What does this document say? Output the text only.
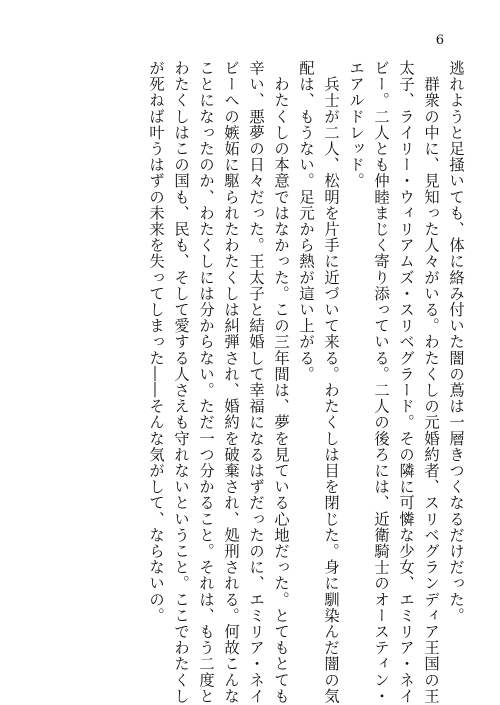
6
逃れようと足掻いても、体に絡み付いた闇の蔦は一層きつくなるだけだった。
　群衆の中に、見知った人々がいる。わたくしの元婚約者、スリベグランディア王国の王
太子、ライリー・ウィリアムズ・スリベグラード。その隣に可憐な少女、エミリア・ネイ
ビー。二人とも仲睦まじく寄り添っている。二人の後ろには、近衛騎士のオースティン・
エアルドレッド。
　兵士が二人、松明を片手に近づいて来る。わたくしは目を閉じた。身に馴染んだ闇の気
配は、もうない。足元から熱が這い上がる。
　わたくしの本意ではなかった。この三年間は、夢を見ている心地だった。とてもとても
辛い、悪夢の日々だった。王太子と結婚して幸福になるはずだったのに、エミリア・ネイ
ビーへの嫉妬に駆られたわたくしは糾弾され、婚約を破棄され、処刑される。何故こんな
ことになったのか、わたくしには分からない。ただ一つ分かること。それは、もう二度と
わたくしはこの国も、民も、そして愛する人さえも守れないということ。ここでわたくし
が死ねば叶うはずの未来を失ってしまった――そんな気がして、ならないの。
